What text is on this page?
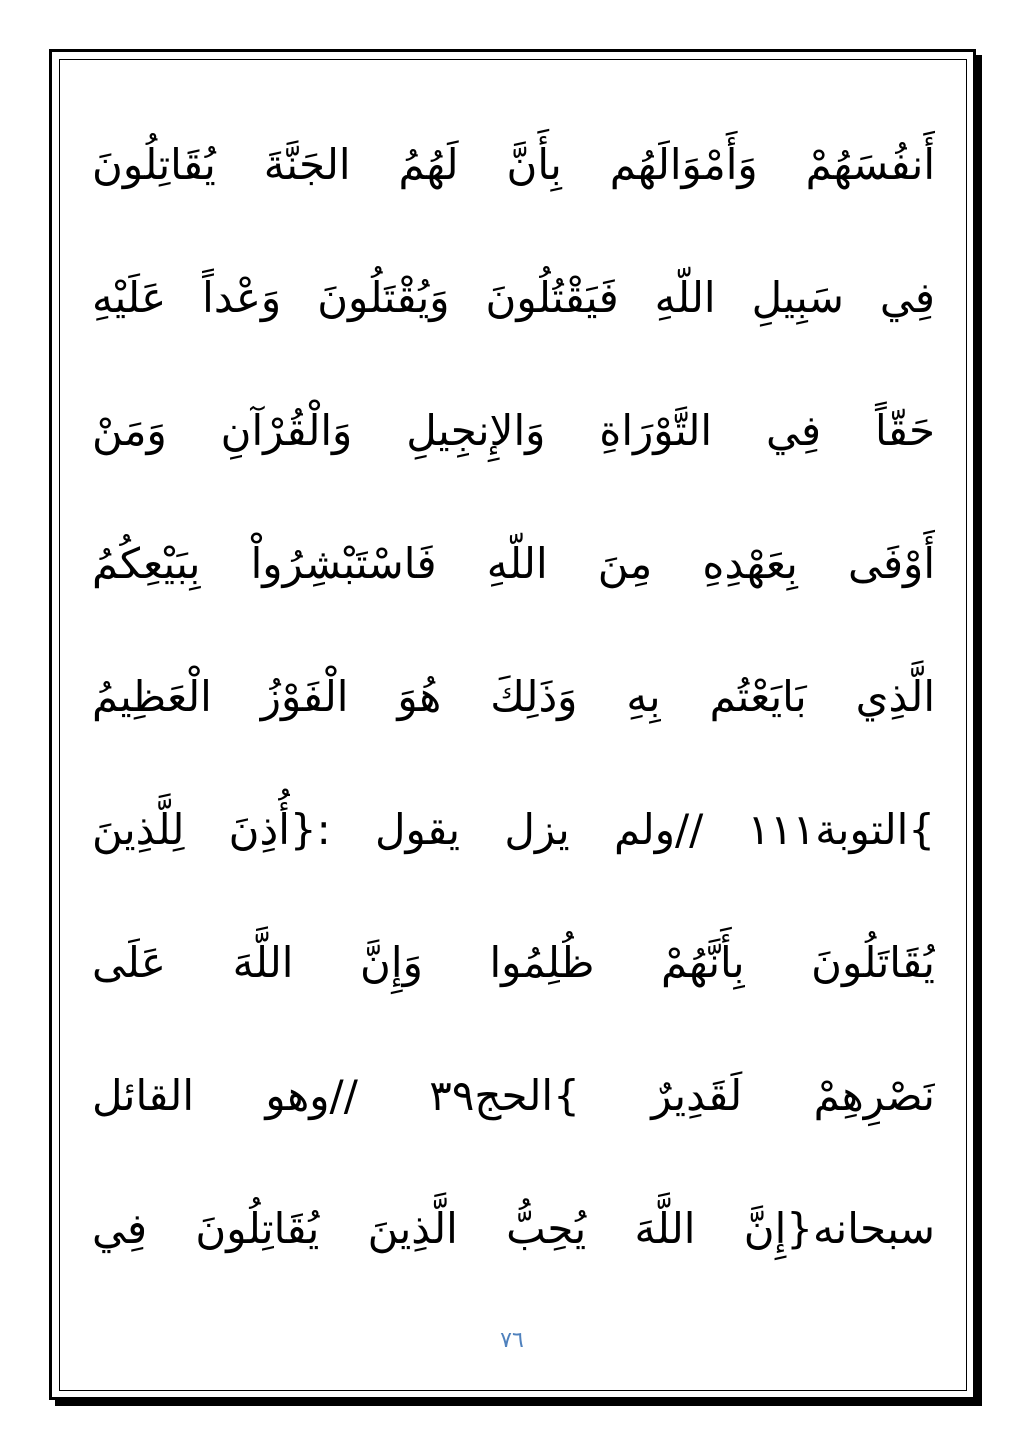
أَنفُسَهُمْ وَأَمْوَالَهُم بِأَنَّ لَهُمُ الجَنَّةَ يُقَاتِلُونَ
فِي سَبِيلِ اللّهِ فَيَقْتُلُونَ وَيُقْتَلُونَ وَعْداً عَلَيْهِ
حَقّاً فِي التَّوْرَاةِ وَالإِنجِيلِ وَالْقُرْآنِ وَمَنْ
أَوْفَى بِعَهْدِهِ مِنَ اللّهِ فَاسْتَبْشِرُواْ بِبَيْعِكُمُ
الَّذِي بَايَعْتُم بِهِ وَذَلِكَ هُوَ الْفَوْزُ الْعَظِيمُ
}التوبة١١١ //ولم يزل يقول :{أُذِنَ لِلَّذِينَ
يُقَاتَلُونَ بِأَنَّهُمْ ظُلِمُوا وَإِنَّ اللَّهَ عَلَى
نَصْرِهِمْ لَقَدِيرٌ }الحج٣٩ //وهو القائل
سبحانه{إِنَّ اللَّهَ يُحِبُّ الَّذِينَ يُقَاتِلُونَ فِي
٧٦
